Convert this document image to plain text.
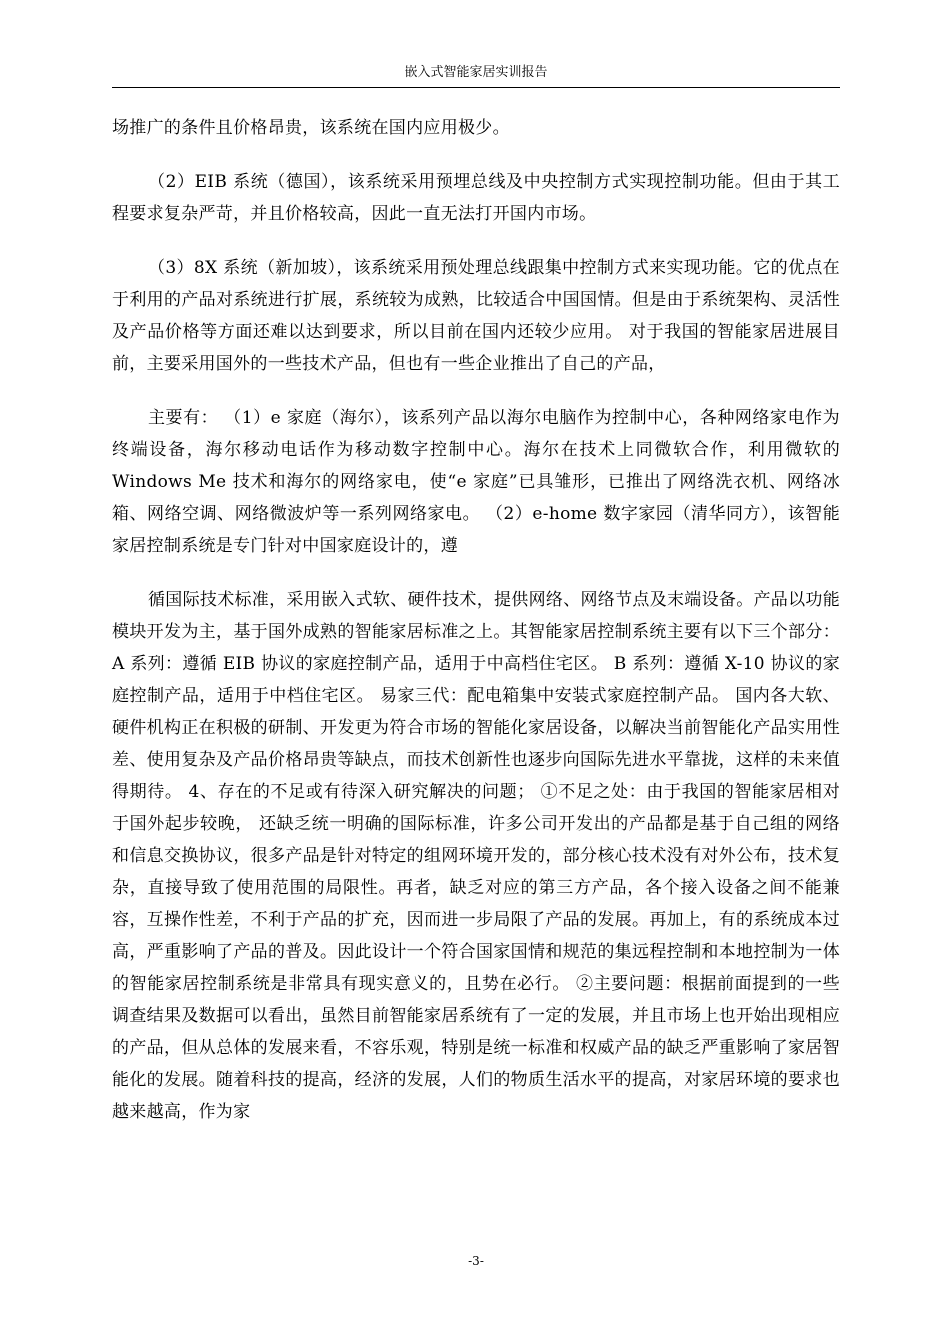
嵌入式智能家居实训报告

场推广的条件且价格昂贵，该系统在国内应用极少。

（2）EIB 系统（德国），该系统采用预埋总线及中央控制方式实现控制功能。但由于其工程要求复杂严苛，并且价格较高，因此一直无法打开国内市场。

（3）8X 系统（新加坡），该系统采用预处理总线跟集中控制方式来实现功能。它的优点在于利用的产品对系统进行扩展，系统较为成熟，比较适合中国国情。但是由于系统架构、灵活性及产品价格等方面还难以达到要求，所以目前在国内还较少应用。 对于我国的智能家居进展目前，主要采用国外的一些技术产品，但也有一些企业推出了自己的产品，

主要有： （1）e 家庭（海尔），该系列产品以海尔电脑作为控制中心，各种网络家电作为终端设备，海尔移动电话作为移动数字控制中心。海尔在技术上同微软合作，利用微软的 Windows Me 技术和海尔的网络家电，使“e 家庭”已具雏形，已推出了网络洗衣机、网络冰箱、网络空调、网络微波炉等一系列网络家电。 （2）e-home 数字家园（清华同方），该智能家居控制系统是专门针对中国家庭设计的，遵

循国际技术标准，采用嵌入式软、硬件技术，提供网络、网络节点及末端设备。产品以功能模块开发为主，基于国外成熟的智能家居标准之上。其智能家居控制系统主要有以下三个部分： A 系列：遵循 EIB 协议的家庭控制产品，适用于中高档住宅区。 B 系列：遵循 X-10 协议的家庭控制产品，适用于中档住宅区。 易家三代：配电箱集中安装式家庭控制产品。 国内各大软、硬件机构正在积极的研制、开发更为符合市场的智能化家居设备，以解决当前智能化产品实用性差、使用复杂及产品价格昂贵等缺点，而技术创新性也逐步向国际先进水平靠拢，这样的未来值得期待。 4、存在的不足或有待深入研究解决的问题； ①不足之处：由于我国的智能家居相对于国外起步较晚， 还缺乏统一明确的国际标准，许多公司开发出的产品都是基于自己组的网络和信息交换协议，很多产品是针对特定的组网环境开发的，部分核心技术没有对外公布，技术复杂，直接导致了使用范围的局限性。再者，缺乏对应的第三方产品，各个接入设备之间不能兼容，互操作性差，不利于产品的扩充，因而进一步局限了产品的发展。再加上，有的系统成本过高，严重影响了产品的普及。因此设计一个符合国家国情和规范的集远程控制和本地控制为一体的智能家居控制系统是非常具有现实意义的，且势在必行。 ②主要问题：根据前面提到的一些调查结果及数据可以看出，虽然目前智能家居系统有了一定的发展，并且市场上也开始出现相应的产品，但从总体的发展来看，不容乐观，特别是统一标准和权威产品的缺乏严重影响了家居智能化的发展。随着科技的提高，经济的发展，人们的物质生活水平的提高，对家居环境的要求也越来越高，作为家

-3-
